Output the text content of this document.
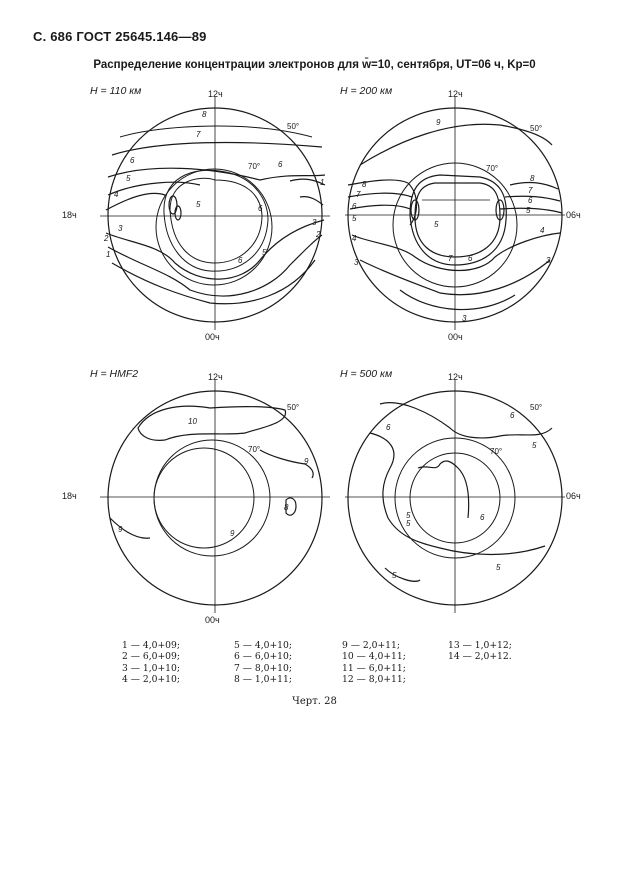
С. 686 ГОСТ 25645.146—89
Распределение концентрации электронов для w̄=10, сентября, UT=06 ч, Kp=0
H = 110 км
8
7
6
5
4
3
2
1
5
6
6
5
3
2
1
6
50°
70°
12ч
00ч
18ч
H = 200 км
9
8
7
6
5
4
3
8
7
6
5
4
3
3
5
7 6
50°
70°
12ч
00ч
06ч
H = HMF2
10
9
9	9
8
50°
70°
12ч
00ч
18ч
H = 500 км
6
6
5
5	6
5
5
5
50°
70°
12ч
06ч
1 — 4,0+09;
2 — 6,0+09;
3 — 1,0+10;
4 — 2,0+10;
5 — 4,0+10;
6 — 6,0+10;
7 — 8,0+10;
8 — 1,0+11;
9 — 2,0+11;
10 — 4,0+11;
11 — 6,0+11;
12 — 8,0+11;
13 — 1,0+12;
14 — 2,0+12.
Черт. 28
